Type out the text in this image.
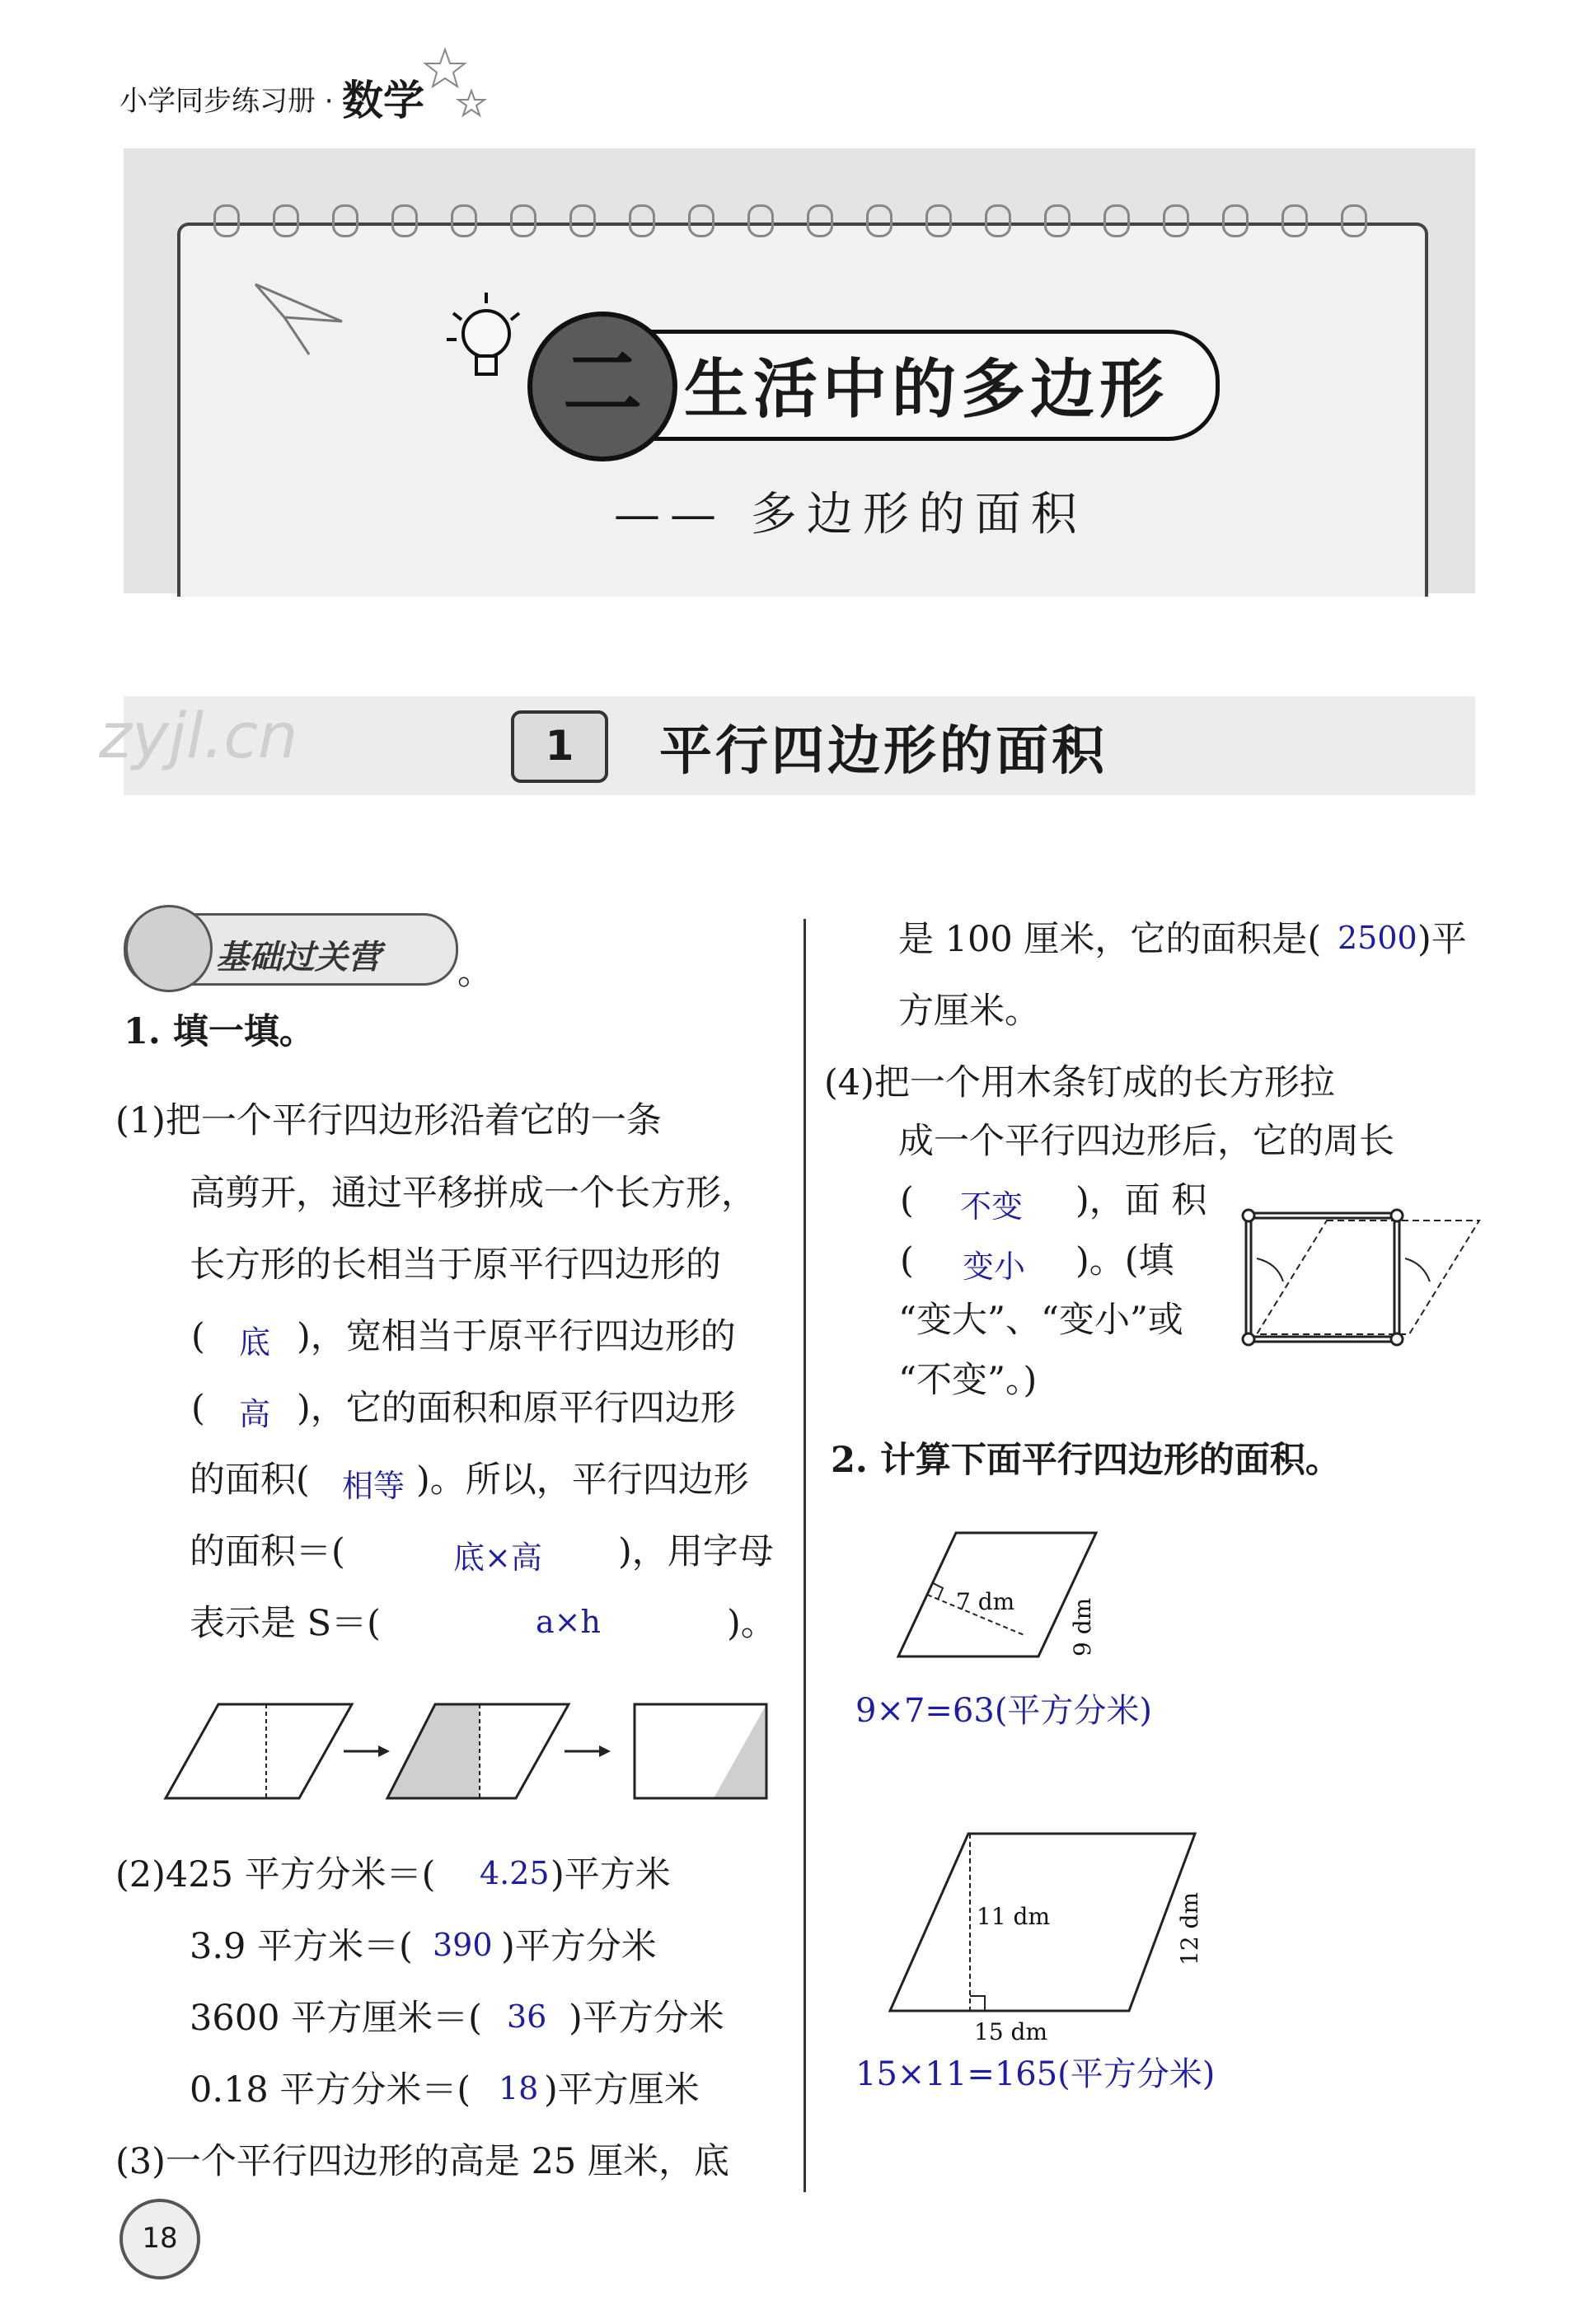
小学同步练习册 · 数学
二 生活中的多边形
—— 多边形的面积
zyjl.cn	1	平行四边形的面积
基础过关营 。
1. 填一填。
(1)把一个平行四边形沿着它的一条
高剪开，通过平移拼成一个长方形，
长方形的长相当于原平行四边形的
( 底 )，宽相当于原平行四边形的
( 高 )，它的面积和原平行四边形
的面积( 相等 )。所以，平行四边形
的面积＝(	底×高 )，用字母
表示是 S＝(	a×h	)。
(2)425 平方分米＝( 4.25 )平方米
3.9 平方米＝( 390 )平方分米
3600 平方厘米＝( 36 )平方分米
0.18 平方分米＝( 18 )平方厘米
(3)一个平行四边形的高是 25 厘米，底
是 100 厘米，它的面积是( 2500 )平
方厘米。
(4)把一个用木条钉成的长方形拉
成一个平行四边形后，它的周长
( 不变 )，面 积
( 变小 )。(填
“变大”、“变小”或
“不变”。)
2. 计算下面平行四边形的面积。
7 dm 9 dm
9×7=63(平方分米)
11 dm	12 dm
15 dm
15×11=165(平方分米)
18
